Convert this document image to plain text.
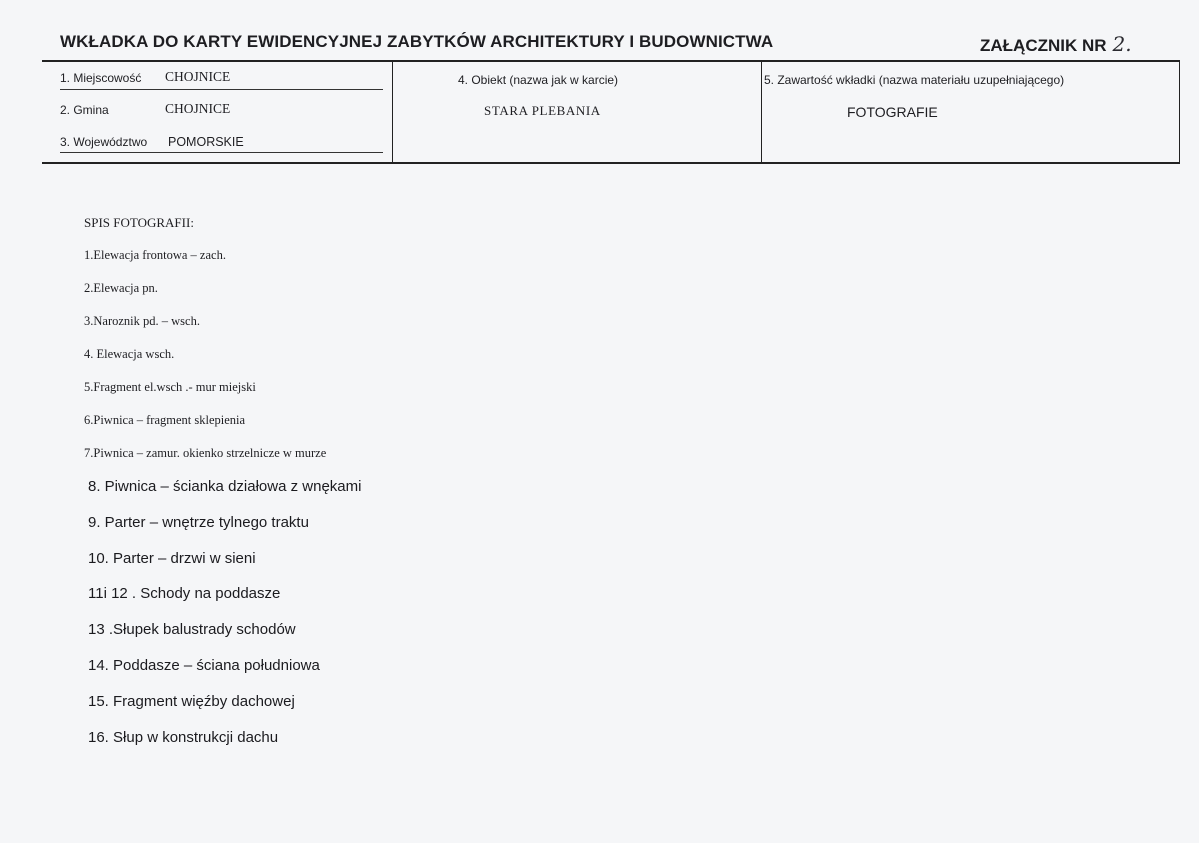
WKŁADKA DO KARTY EWIDENCYJNEJ ZABYTKÓW ARCHITEKTURY I BUDOWNICTWA	ZAŁĄCZNIK NR 2.
1. Miejscowość CHOJNICE
2. Gmina	CHOJNICE
3. Województwo POMORSKIE
4. Obiekt (nazwa jak w karcie)
STARA PLEBANIA
5. Zawartość wkładki (nazwa materiału uzupełniającego)
FOTOGRAFIE
SPIS FOTOGRAFII:
1.Elewacja frontowa – zach.
2.Elewacja pn.
3.Naroznik pd. – wsch.
4. Elewacja wsch.
5.Fragment el.wsch .- mur miejski
6.Piwnica – fragment sklepienia
7.Piwnica – zamur. okienko strzelnicze w murze
8. Piwnica – ścianka działowa z wnękami
9. Parter – wnętrze tylnego traktu
10. Parter – drzwi w sieni
11i 12 . Schody na poddasze
13 .Słupek balustrady schodów
14. Poddasze – ściana południowa
15. Fragment więźby dachowej
16. Słup w konstrukcji dachu
